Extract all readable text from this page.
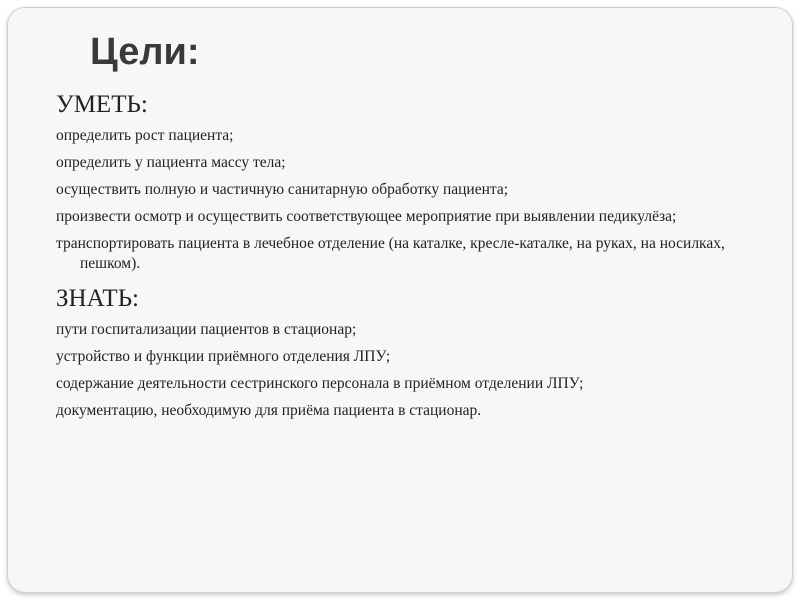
Цели:
УМЕТЬ:
определить рост пациента;
определить у пациента массу тела;
осуществить полную и частичную санитарную обработку пациента;
произвести осмотр и осуществить соответствующее мероприятие при выявлении педикулёза;
транспортировать пациента в лечебное отделение (на каталке, кресле-каталке, на руках, на носилках, пешком).
ЗНАТЬ:
пути госпитализации пациентов в стационар;
устройство и функции приёмного отделения ЛПУ;
содержание деятельности сестринского персонала в приёмном отделении ЛПУ;
документацию, необходимую для приёма пациента в стационар.
